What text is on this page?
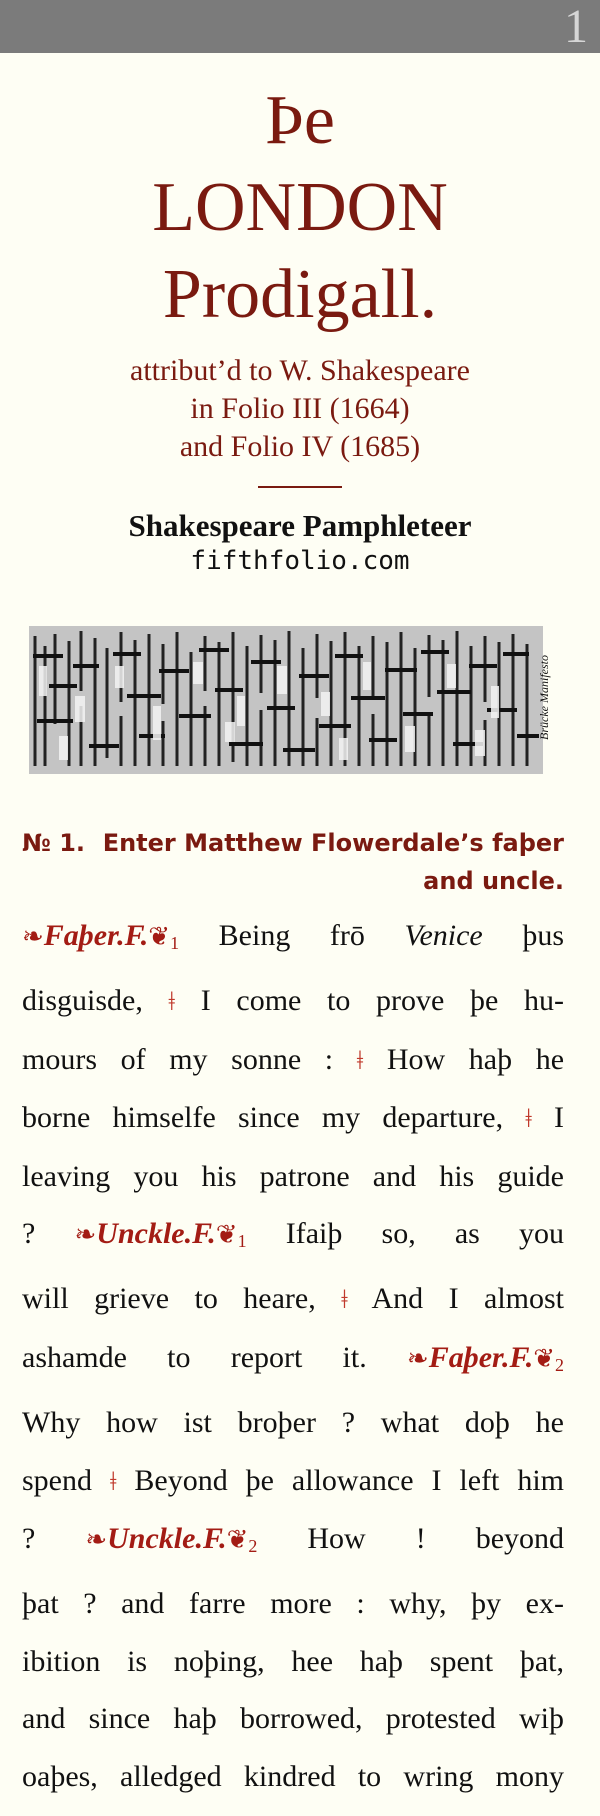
1
Þe
LONDON
Prodigall.
attribut’d to W. Shakespeare
in Folio III (1664)
and Folio IV (1685)
Shakespeare Pamphleteer
fifthfolio.com
Brücke Manifesto
№ 1. Enter Matthew Flowerdale’s faþer and uncle.
$❧Faþer.F.❦_1$ Being frō Venice þus
disguisde, ǂ I come to prove þe hu-
mours of my sonne : ǂ How haþ he
borne himselfe since my departure, ǂ I
leaving you his patrone and his guide
? $❧Unckle.F.❦_1$ Ifaiþ so, as you
will grieve to heare, ǂ And I almost
ashamde to report it. $❧Faþer.F.❦_2$
Why how ist broþer ? what doþ he
spend ǂ Beyond þe allowance I left him
? $❧Unckle.F.❦_2$ How ! beyond
þat ? and farre more : why, þy ex-
ibition is noþing, hee haþ spent þat,
and since haþ borrowed, protested wiþ
oaþes, alledged kindred to wring mony
